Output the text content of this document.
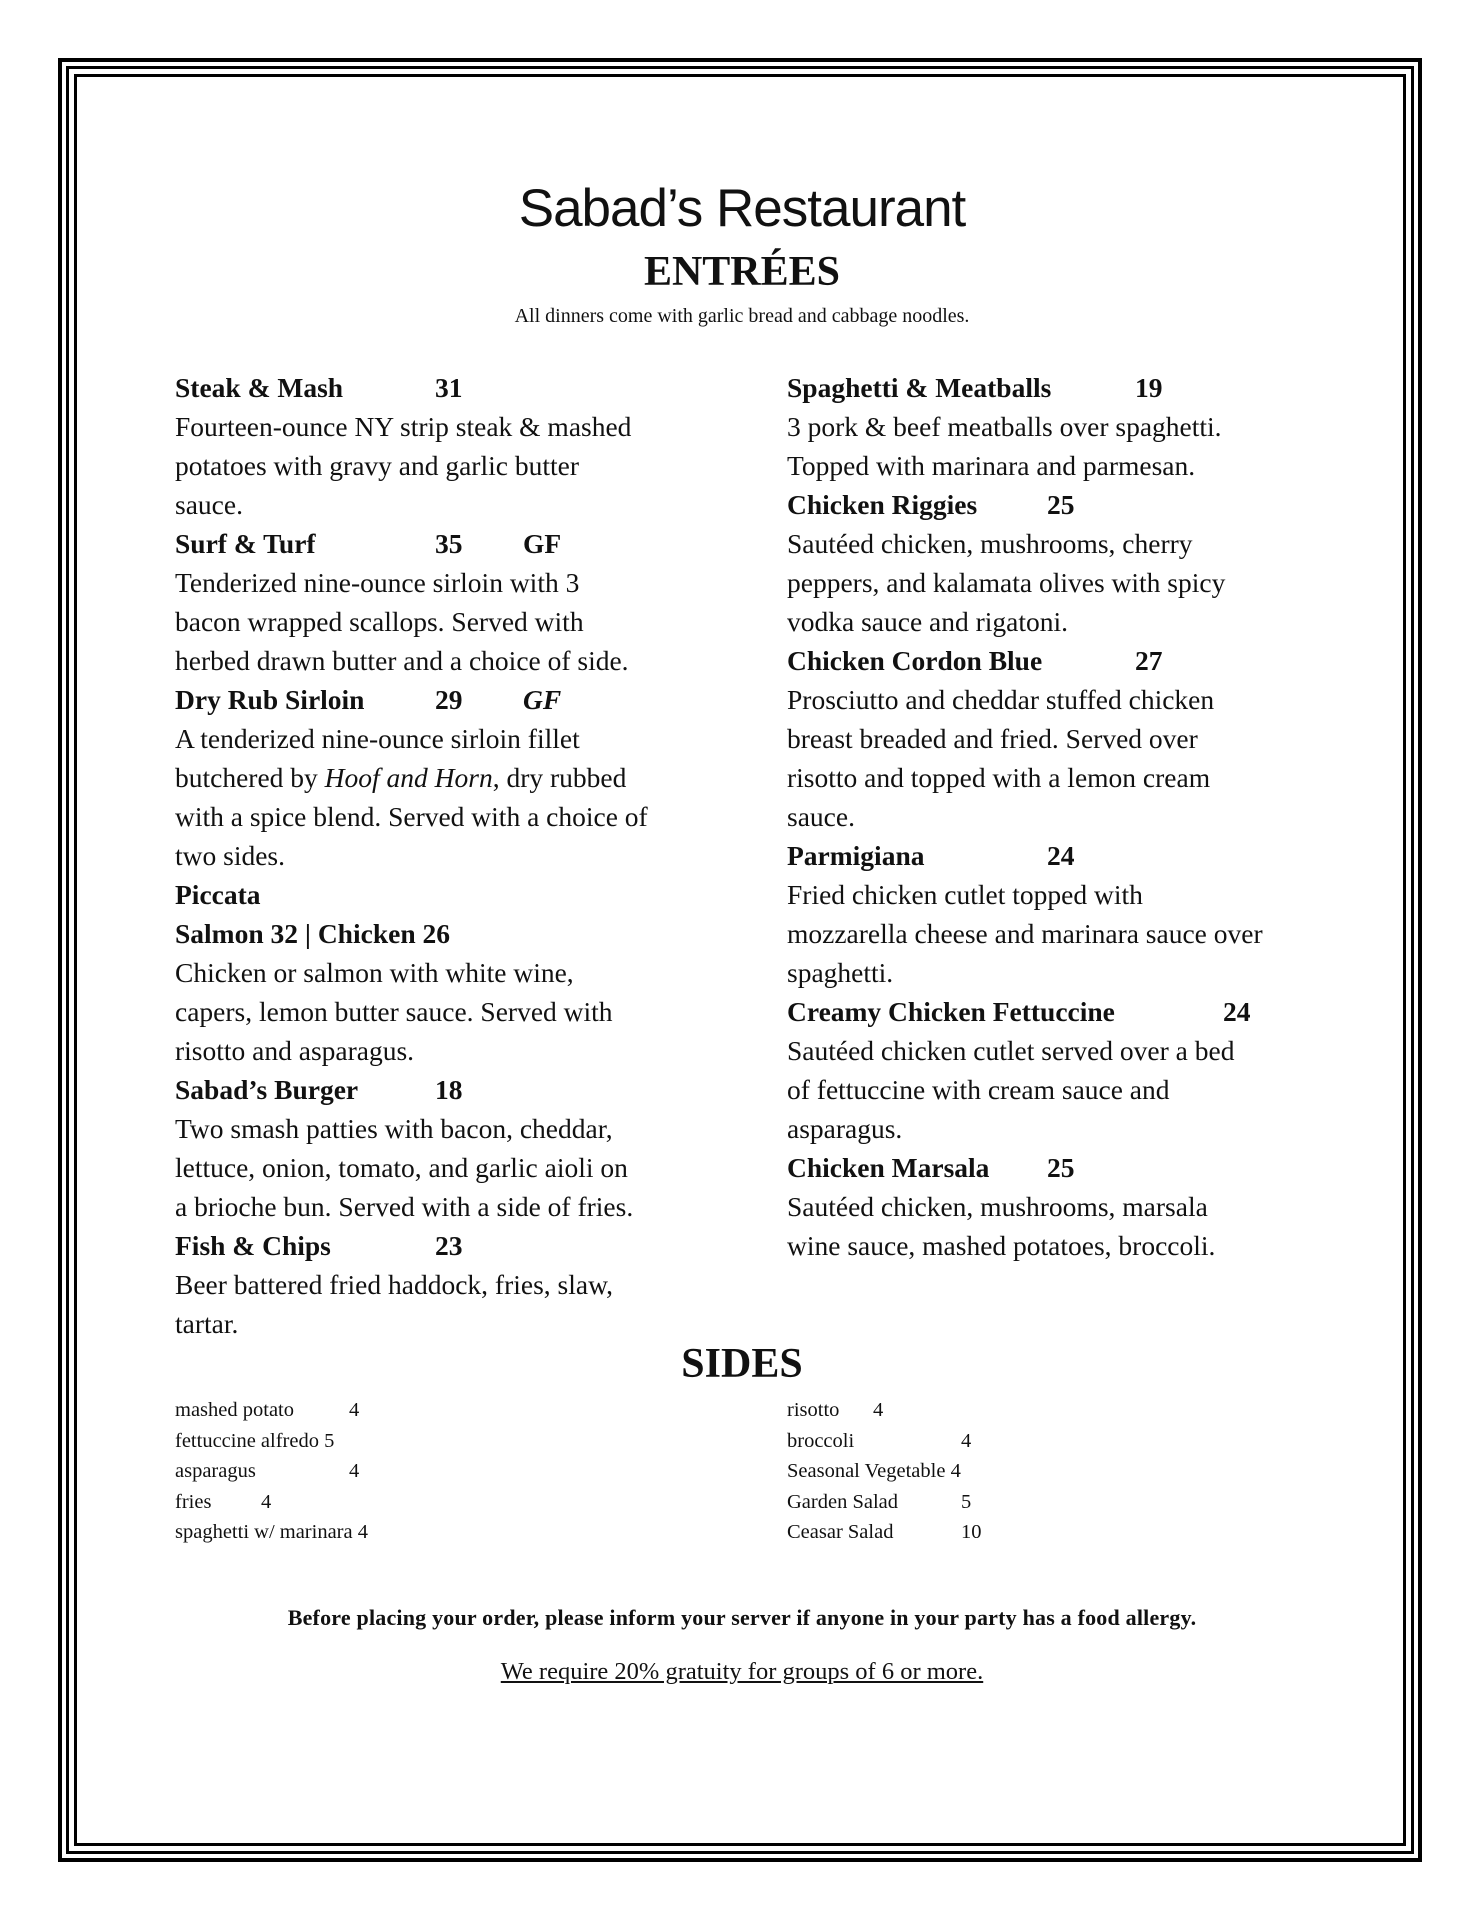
Sabad’s Restaurant
ENTRÉES
All dinners come with garlic bread and cabbage noodles.
Steak & Mash	31
Fourteen-ounce NY strip steak & mashed
potatoes with gravy and garlic butter
sauce.
Surf & Turf	35 GF
Tenderized nine-ounce sirloin with 3
bacon wrapped scallops. Served with
herbed drawn butter and a choice of side.
Dry Rub Sirloin	29 GF
A tenderized nine-ounce sirloin fillet
butchered by Hoof and Horn, dry rubbed
with a spice blend. Served with a choice of
two sides.
Piccata
Salmon 32 | Chicken 26
Chicken or salmon with white wine,
capers, lemon butter sauce. Served with
risotto and asparagus.
Sabad’s Burger	18
Two smash patties with bacon, cheddar,
lettuce, onion, tomato, and garlic aioli on
a brioche bun. Served with a side of fries.
Fish & Chips	23
Beer battered fried haddock, fries, slaw,
tartar.
Spaghetti & Meatballs	19
3 pork & beef meatballs over spaghetti.
Topped with marinara and parmesan.
Chicken Riggies	25
Sautéed chicken, mushrooms, cherry
peppers, and kalamata olives with spicy
vodka sauce and rigatoni.
Chicken Cordon Blue	27
Prosciutto and cheddar stuffed chicken
breast breaded and fried. Served over
risotto and topped with a lemon cream
sauce.
Parmigiana	24
Fried chicken cutlet topped with
mozzarella cheese and marinara sauce over
spaghetti.
Creamy Chicken Fettuccine	24
Sautéed chicken cutlet served over a bed
of fettuccine with cream sauce and
asparagus.
Chicken Marsala 25
Sautéed chicken, mushrooms, marsala
wine sauce, mashed potatoes, broccoli.
SIDES
mashed potato	4
fettuccine alfredo 5
asparagus	4
fries 4
spaghetti w/ marinara 4
risotto 4
broccoli	4
Seasonal Vegetable 4
Garden Salad	5
Ceasar Salad	10
Before placing your order, please inform your server if anyone in your party has a food allergy.
We require 20% gratuity for groups of 6 or more.
